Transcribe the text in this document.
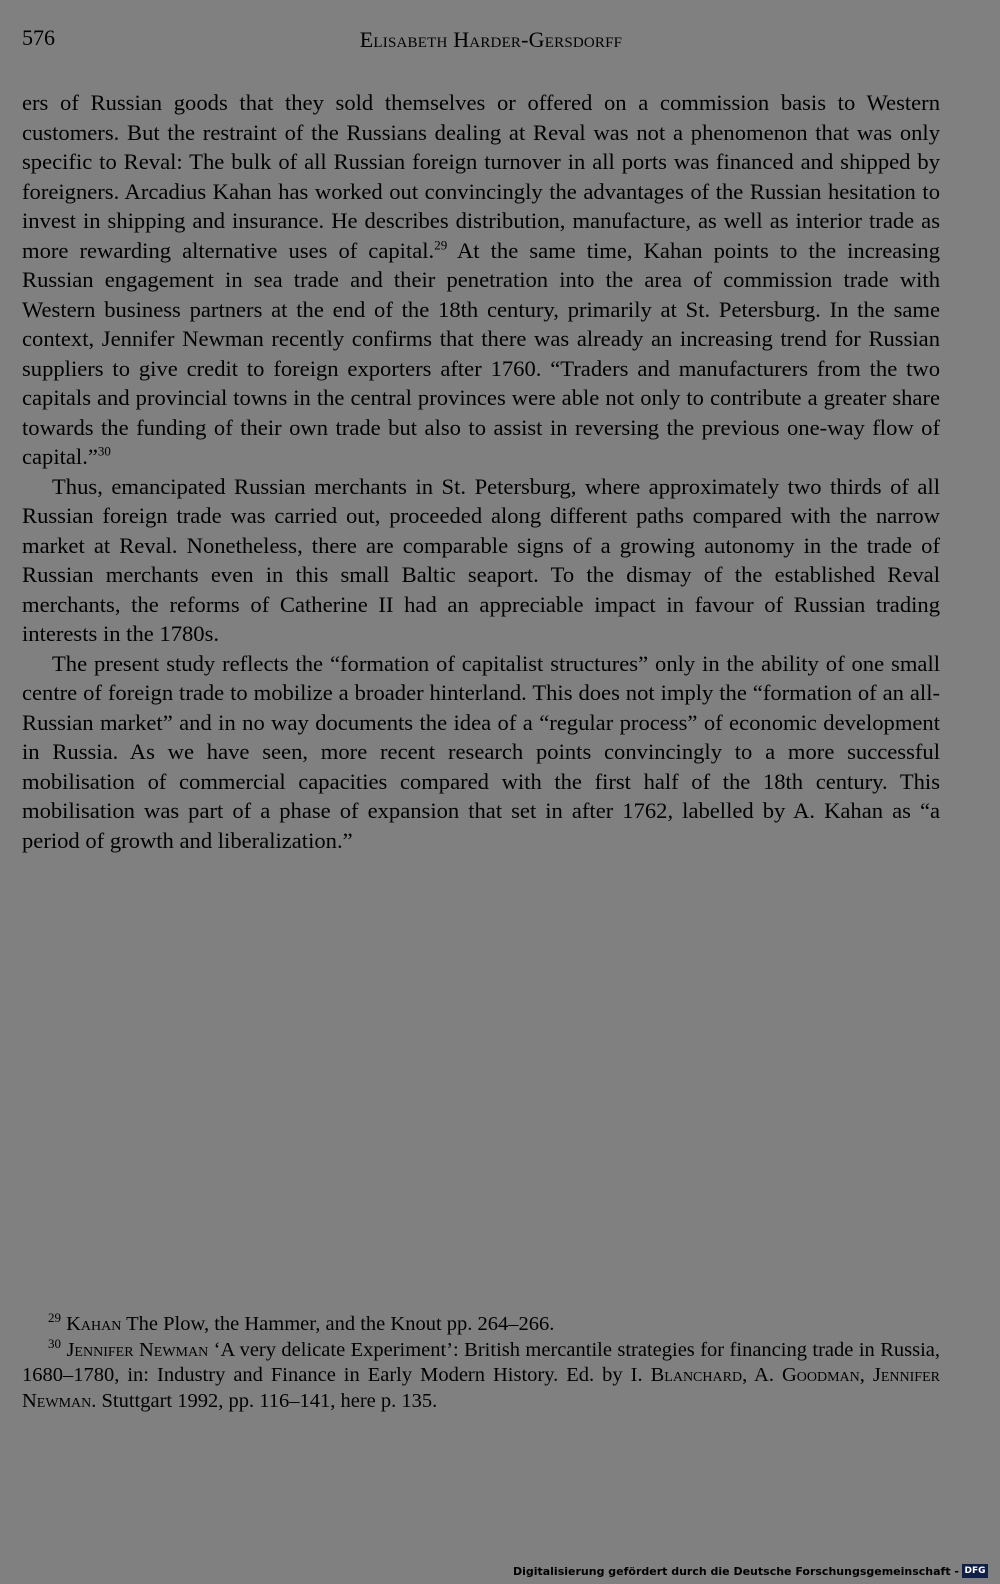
576	Elisabeth Harder-Gersdorff

ers of Russian goods that they sold themselves or offered on a commission basis to Western customers. But the restraint of the Russians dealing at Reval was not a phenomenon that was only specific to Reval: The bulk of all Russian foreign turnover in all ports was financed and shipped by foreigners. Arcadius Kahan has worked out convincingly the advantages of the Russian hesitation to invest in shipping and insurance. He describes distribution, manufacture, as well as interior trade as more rewarding alternative uses of capital.$^{29}$ At the same time, Kahan points to the increasing Russian engagement in sea trade and their penetration into the area of commission trade with Western business partners at the end of the 18th century, primarily at St. Petersburg. In the same context, Jennifer Newman recently confirms that there was already an increasing trend for Russian suppliers to give credit to foreign exporters after 1760. “Traders and manufacturers from the two capitals and provincial towns in the central provinces were able not only to contribute a greater share towards the funding of their own trade but also to assist in reversing the previous one-way flow of capital.”$^{30}$

Thus, emancipated Russian merchants in St. Petersburg, where approximately two thirds of all Russian foreign trade was carried out, proceeded along different paths compared with the narrow market at Reval. Nonetheless, there are comparable signs of a growing autonomy in the trade of Russian merchants even in this small Baltic seaport. To the dismay of the established Reval merchants, the reforms of Catherine II had an appreciable impact in favour of Russian trading interests in the 1780s.

The present study reflects the “formation of capitalist structures” only in the ability of one small centre of foreign trade to mobilize a broader hinterland. This does not imply the “formation of an all-Russian market” and in no way documents the idea of a “regular process” of economic development in Russia. As we have seen, more recent research points convincingly to a more successful mobilisation of commercial capacities compared with the first half of the 18th century. This mobilisation was part of a phase of expansion that set in after 1762, labelled by A. Kahan as “a period of growth and liberalization.”

$^{29}$ Kahan The Plow, the Hammer, and the Knout pp. 264–266.

$^{30}$ Jennifer Newman ‘A very delicate Experiment’: British mercantile strategies for financing trade in Russia, 1680–1780, in: Industry and Finance in Early Modern History. Ed. by I. Blanchard, A. Goodman, Jennifer Newman. Stuttgart 1992, pp. 116–141, here p. 135.

Digitalisierung gefördert durch die Deutsche Forschungsgemeinschaft - DFG
